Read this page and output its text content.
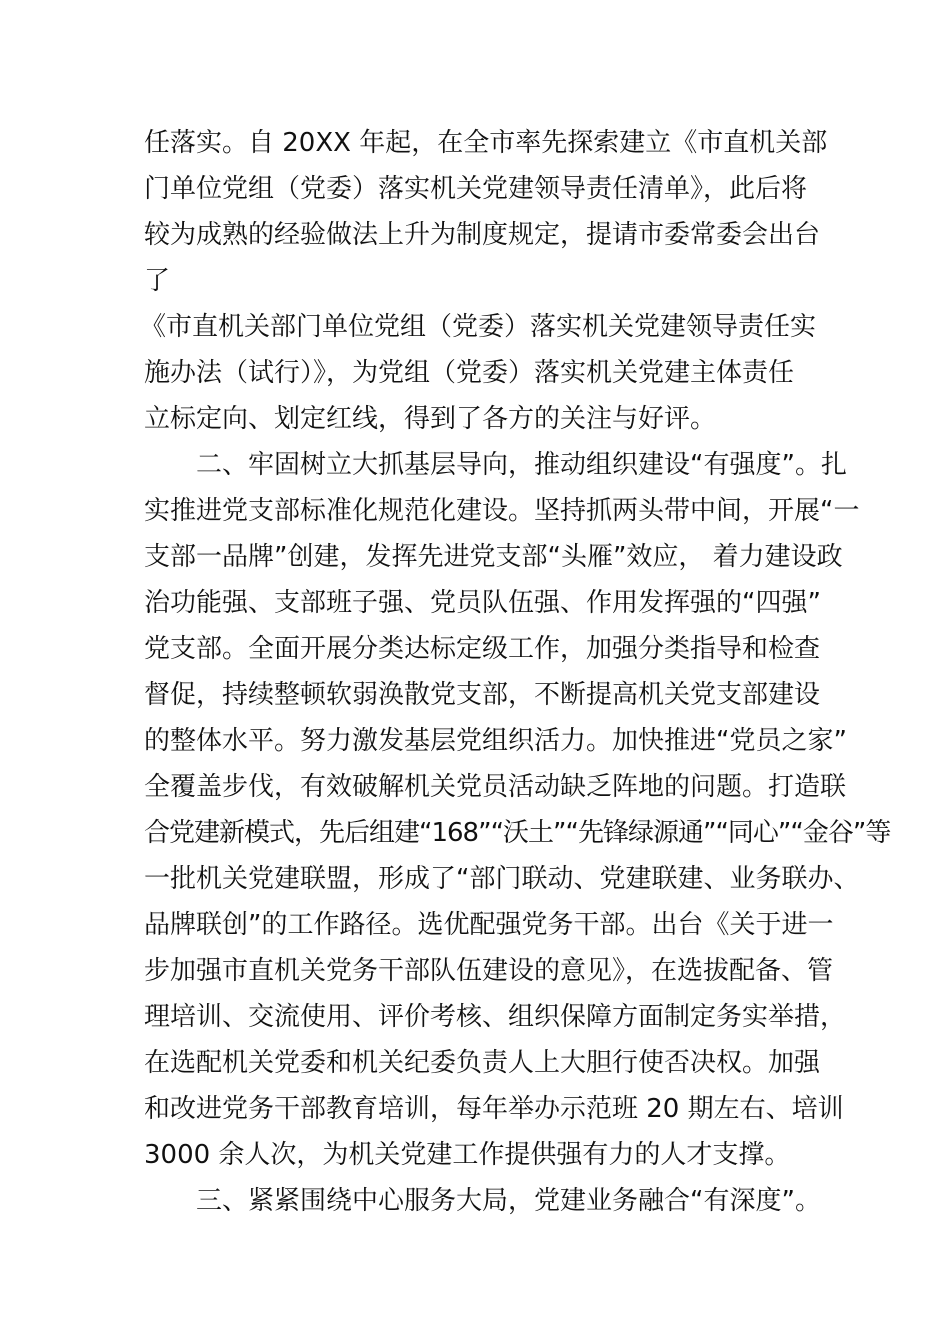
任落实。自 20XX 年起，在全市率先探索建立《市直机关部
门单位党组（党委）落实机关党建领导责任清单》，此后将
较为成熟的经验做法上升为制度规定，提请市委常委会出台
了
《市直机关部门单位党组（党委）落实机关党建领导责任实
施办法（试行）》，为党组（党委）落实机关党建主体责任
立标定向、划定红线，得到了各方的关注与好评。
　　二、牢固树立大抓基层导向，推动组织建设“有强度”。扎
实推进党支部标准化规范化建设。坚持抓两头带中间，开展“一
支部一品牌”创建，发挥先进党支部“头雁”效应， 着力建设政
治功能强、支部班子强、党员队伍强、作用发挥强的“四强”
党支部。全面开展分类达标定级工作，加强分类指导和检查
督促，持续整顿软弱涣散党支部，不断提高机关党支部建设
的整体水平。努力激发基层党组织活力。加快推进“党员之家”
全覆盖步伐，有效破解机关党员活动缺乏阵地的问题。打造联
合党建新模式，先后组建“168”“沃土”“先锋绿源通”“同心”“金谷”等
一批机关党建联盟，形成了“部门联动、党建联建、业务联办、
品牌联创”的工作路径。选优配强党务干部。出台《关于进一
步加强市直机关党务干部队伍建设的意见》，在选拔配备、管
理培训、交流使用、评价考核、组织保障方面制定务实举措，
在选配机关党委和机关纪委负责人上大胆行使否决权。加强
和改进党务干部教育培训，每年举办示范班 20 期左右、培训
3000 余人次，为机关党建工作提供强有力的人才支撑。
　　三、紧紧围绕中心服务大局，党建业务融合“有深度”。
